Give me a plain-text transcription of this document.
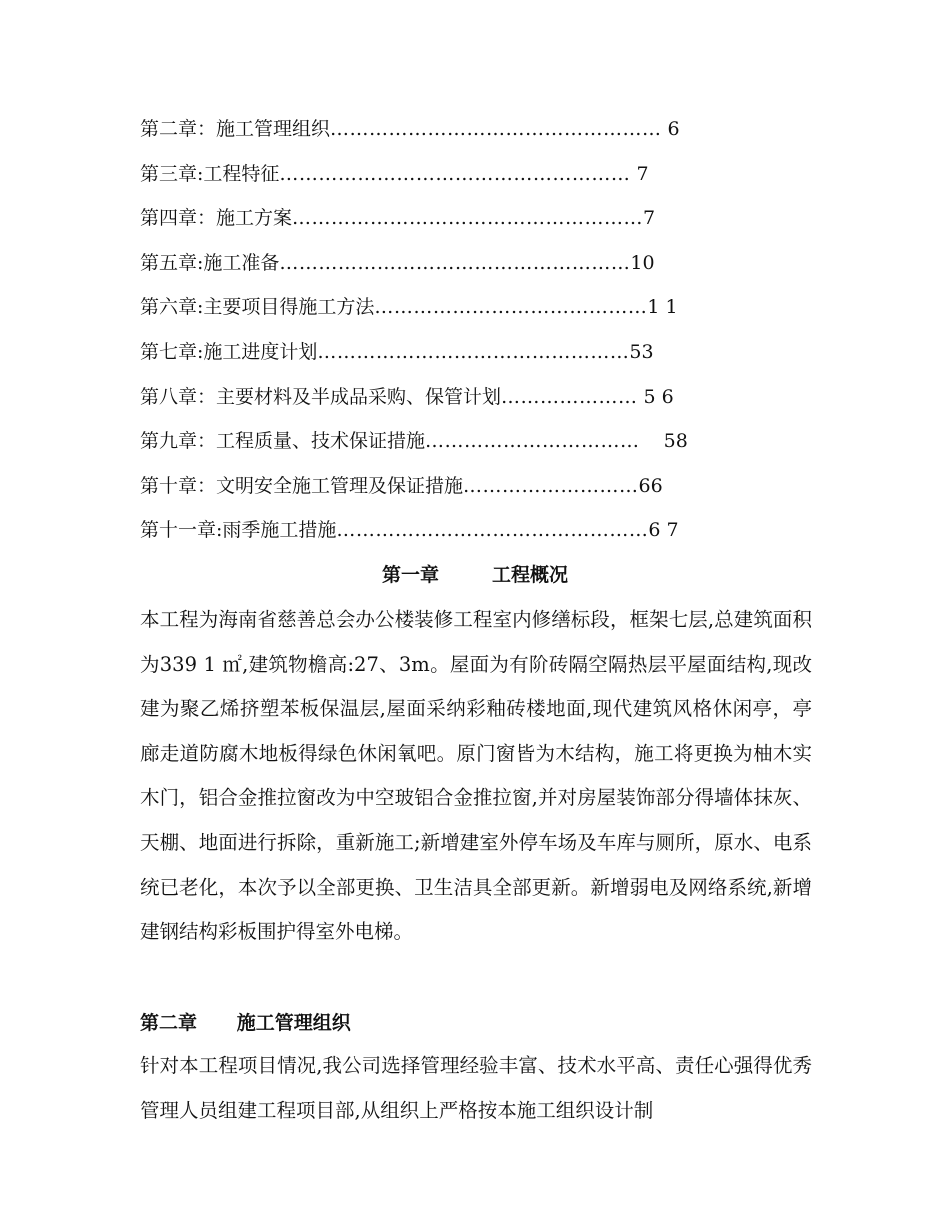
第二章：施工管理组织…………………………………………… 6
第三章:工程特征……………………………………………… 7
第四章：施工方案………………………………………………7
第五章:施工准备………………………………………………10
第六章:主要项目得施工方法……………………………………1 1
第七章:施工进度计划…………………………………………53
第八章：主要材料及半成品采购、保管计划………………… 5 6
第九章：工程质量、技术保证措施……………………………    58
第十章：文明安全施工管理及保证措施………………………66
第十一章:雨季施工措施…………………………………………6 7
第一章        工程概况

本工程为海南省慈善总会办公楼装修工程室内修缮标段，框架七层,总建筑面积为339 1 ㎡,建筑物檐高:27、3m。屋面为有阶砖隔空隔热层平屋面结构,现改建为聚乙烯挤塑苯板保温层,屋面采纳彩釉砖楼地面,现代建筑风格休闲亭，亭廊走道防腐木地板得绿色休闲氧吧。原门窗皆为木结构，施工将更换为柚木实木门，铝合金推拉窗改为中空玻铝合金推拉窗,并对房屋装饰部分得墙体抹灰、天棚、地面进行拆除，重新施工;新增建室外停车场及车库与厕所，原水、电系统已老化，本次予以全部更换、卫生洁具全部更新。新增弱电及网络系统,新增建钢结构彩板围护得室外电梯。

第二章      施工管理组织

针对本工程项目情况,我公司选择管理经验丰富、技术水平高、责任心强得优秀管理人员组建工程项目部,从组织上严格按本施工组织设计制
